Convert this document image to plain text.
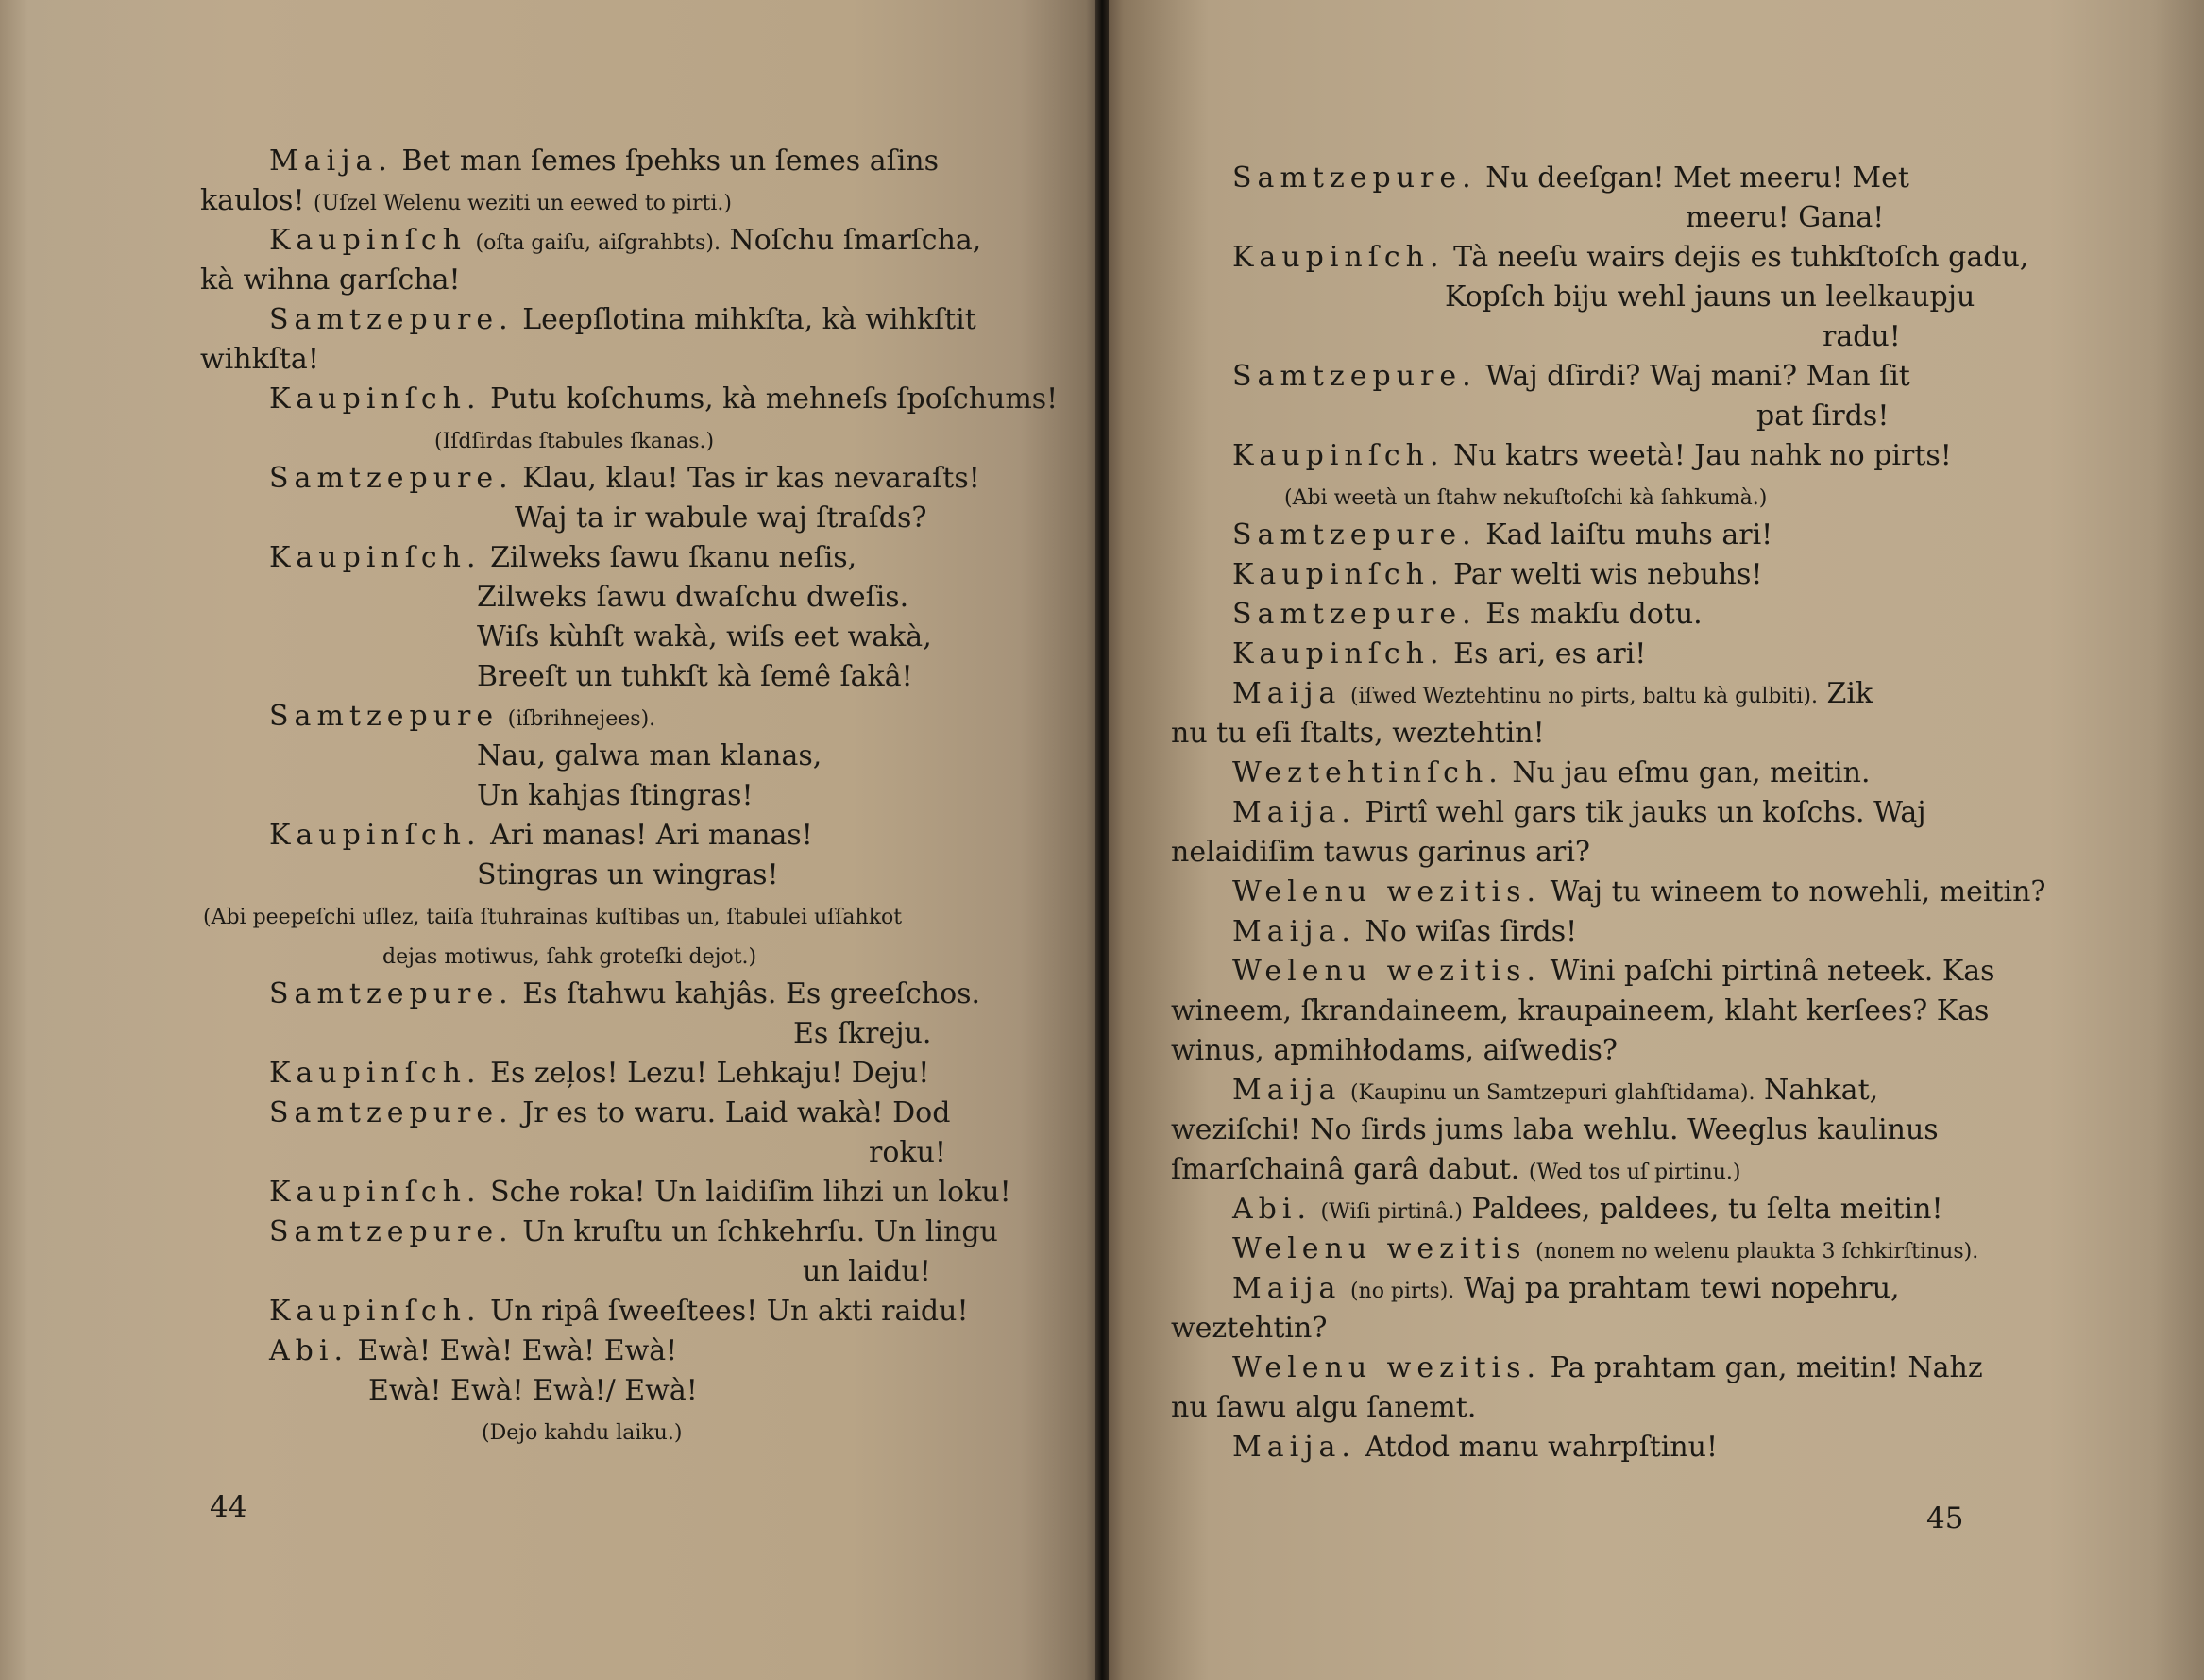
Maija. Bet man ſemes ſpehks un ſemes aſins
kaulos! (Uſzel Welenu weziti un eewed to pirti.)
Kaupinſch (oſta gaiſu, aiſgrahbts). Noſchu ſmarſcha,
kà wihna garſcha!
Samtzepure. Leepſlotina mihkſta, kà wihkſtit
wihkſta!
Kaupinſch. Putu koſchums, kà mehneſs ſpoſchums!
(Iſdſirdas ſtabules ſkanas.)
Samtzepure. Klau, klau! Tas ir kas nevaraſts!
Waj ta ir wabule waj ſtraſds?
Kaupinſch. Zilweks ſawu ſkanu neſis,
Zilweks ſawu dwaſchu dweſis.
Wiſs kùhſt wakà, wiſs eet wakà,
Breeſt un tuhkſt kà ſemê ſakâ!
Samtzepure (iſbrihnejees).
Nau, galwa man klanas,
Un kahjas ſtingras!
Kaupinſch. Ari manas! Ari manas!
Stingras un wingras!
(Abi peepeſchi uſlez, taiſa ſtuhrainas kuſtibas un, ſtabulei uſſahkot
dejas motiwus, ſahk groteſki dejot.)
Samtzepure. Es ſtahwu kahjâs. Es greeſchos.
Es ſkreju.
Kaupinſch. Es zeļos! Lezu! Lehkaju! Deju!
Samtzepure. Jr es to waru. Laid wakà! Dod
roku!
Kaupinſch. Sche roka! Un laidiſim lihzi un loku!
Samtzepure. Un kruſtu un ſchkehrſu. Un lingu
un laidu!
Kaupinſch. Un ripâ ſweeſtees! Un akti raidu!
Abi. Ewà! Ewà! Ewà! Ewà!
Ewà! Ewà! Ewà!/ Ewà!
(Dejo kahdu laiku.)
Samtzepure. Nu deeſgan! Met meeru! Met
meeru! Gana!
Kaupinſch. Tà neeſu wairs dejis es tuhkſtoſch gadu,
Kopſch biju wehl jauns un leelkaupju
radu!
Samtzepure. Waj dſirdi? Waj mani? Man ſit
pat ſirds!
Kaupinſch. Nu katrs weetà! Jau nahk no pirts!
(Abi weetà un ſtahw nekuſtoſchi kà ſahkumà.)
Samtzepure. Kad laiſtu muhs ari!
Kaupinſch. Par welti wis nebuhs!
Samtzepure. Es makſu dotu.
Kaupinſch. Es ari, es ari!
Maija (iſwed Weztehtinu no pirts, baltu kà gulbiti). Zik
nu tu eſi ſtalts, weztehtin!
Weztehtinſch. Nu jau eſmu gan, meitin.
Maija. Pirtî wehl gars tik jauks un koſchs. Waj
nelaidiſim tawus garinus ari?
Welenu wezitis. Waj tu wineem to nowehli, meitin?
Maija. No wiſas ſirds!
Welenu wezitis. Wini paſchi pirtinâ neteek. Kas
wineem, ſkrandaineem, kraupaineem, klaht kerſees? Kas
winus, apmihłodams, aiſwedis?
Maija (Kaupinu un Samtzepuri glahſtidama). Nahkat,
weziſchi! No ſirds jums laba wehlu. Weeglus kaulinus
ſmarſchainâ garâ dabut. (Wed tos uſ pirtinu.)
Abi. (Wiſi pirtinâ.) Paldees, paldees, tu ſelta meitin!
Welenu wezitis (nonem no welenu plaukta 3 ſchkirſtinus).
Maija (no pirts). Waj pa prahtam tewi nopehru,
weztehtin?
Welenu wezitis. Pa prahtam gan, meitin! Nahz
nu ſawu algu ſanemt.
Maija. Atdod manu wahrpſtinu!
44	45
